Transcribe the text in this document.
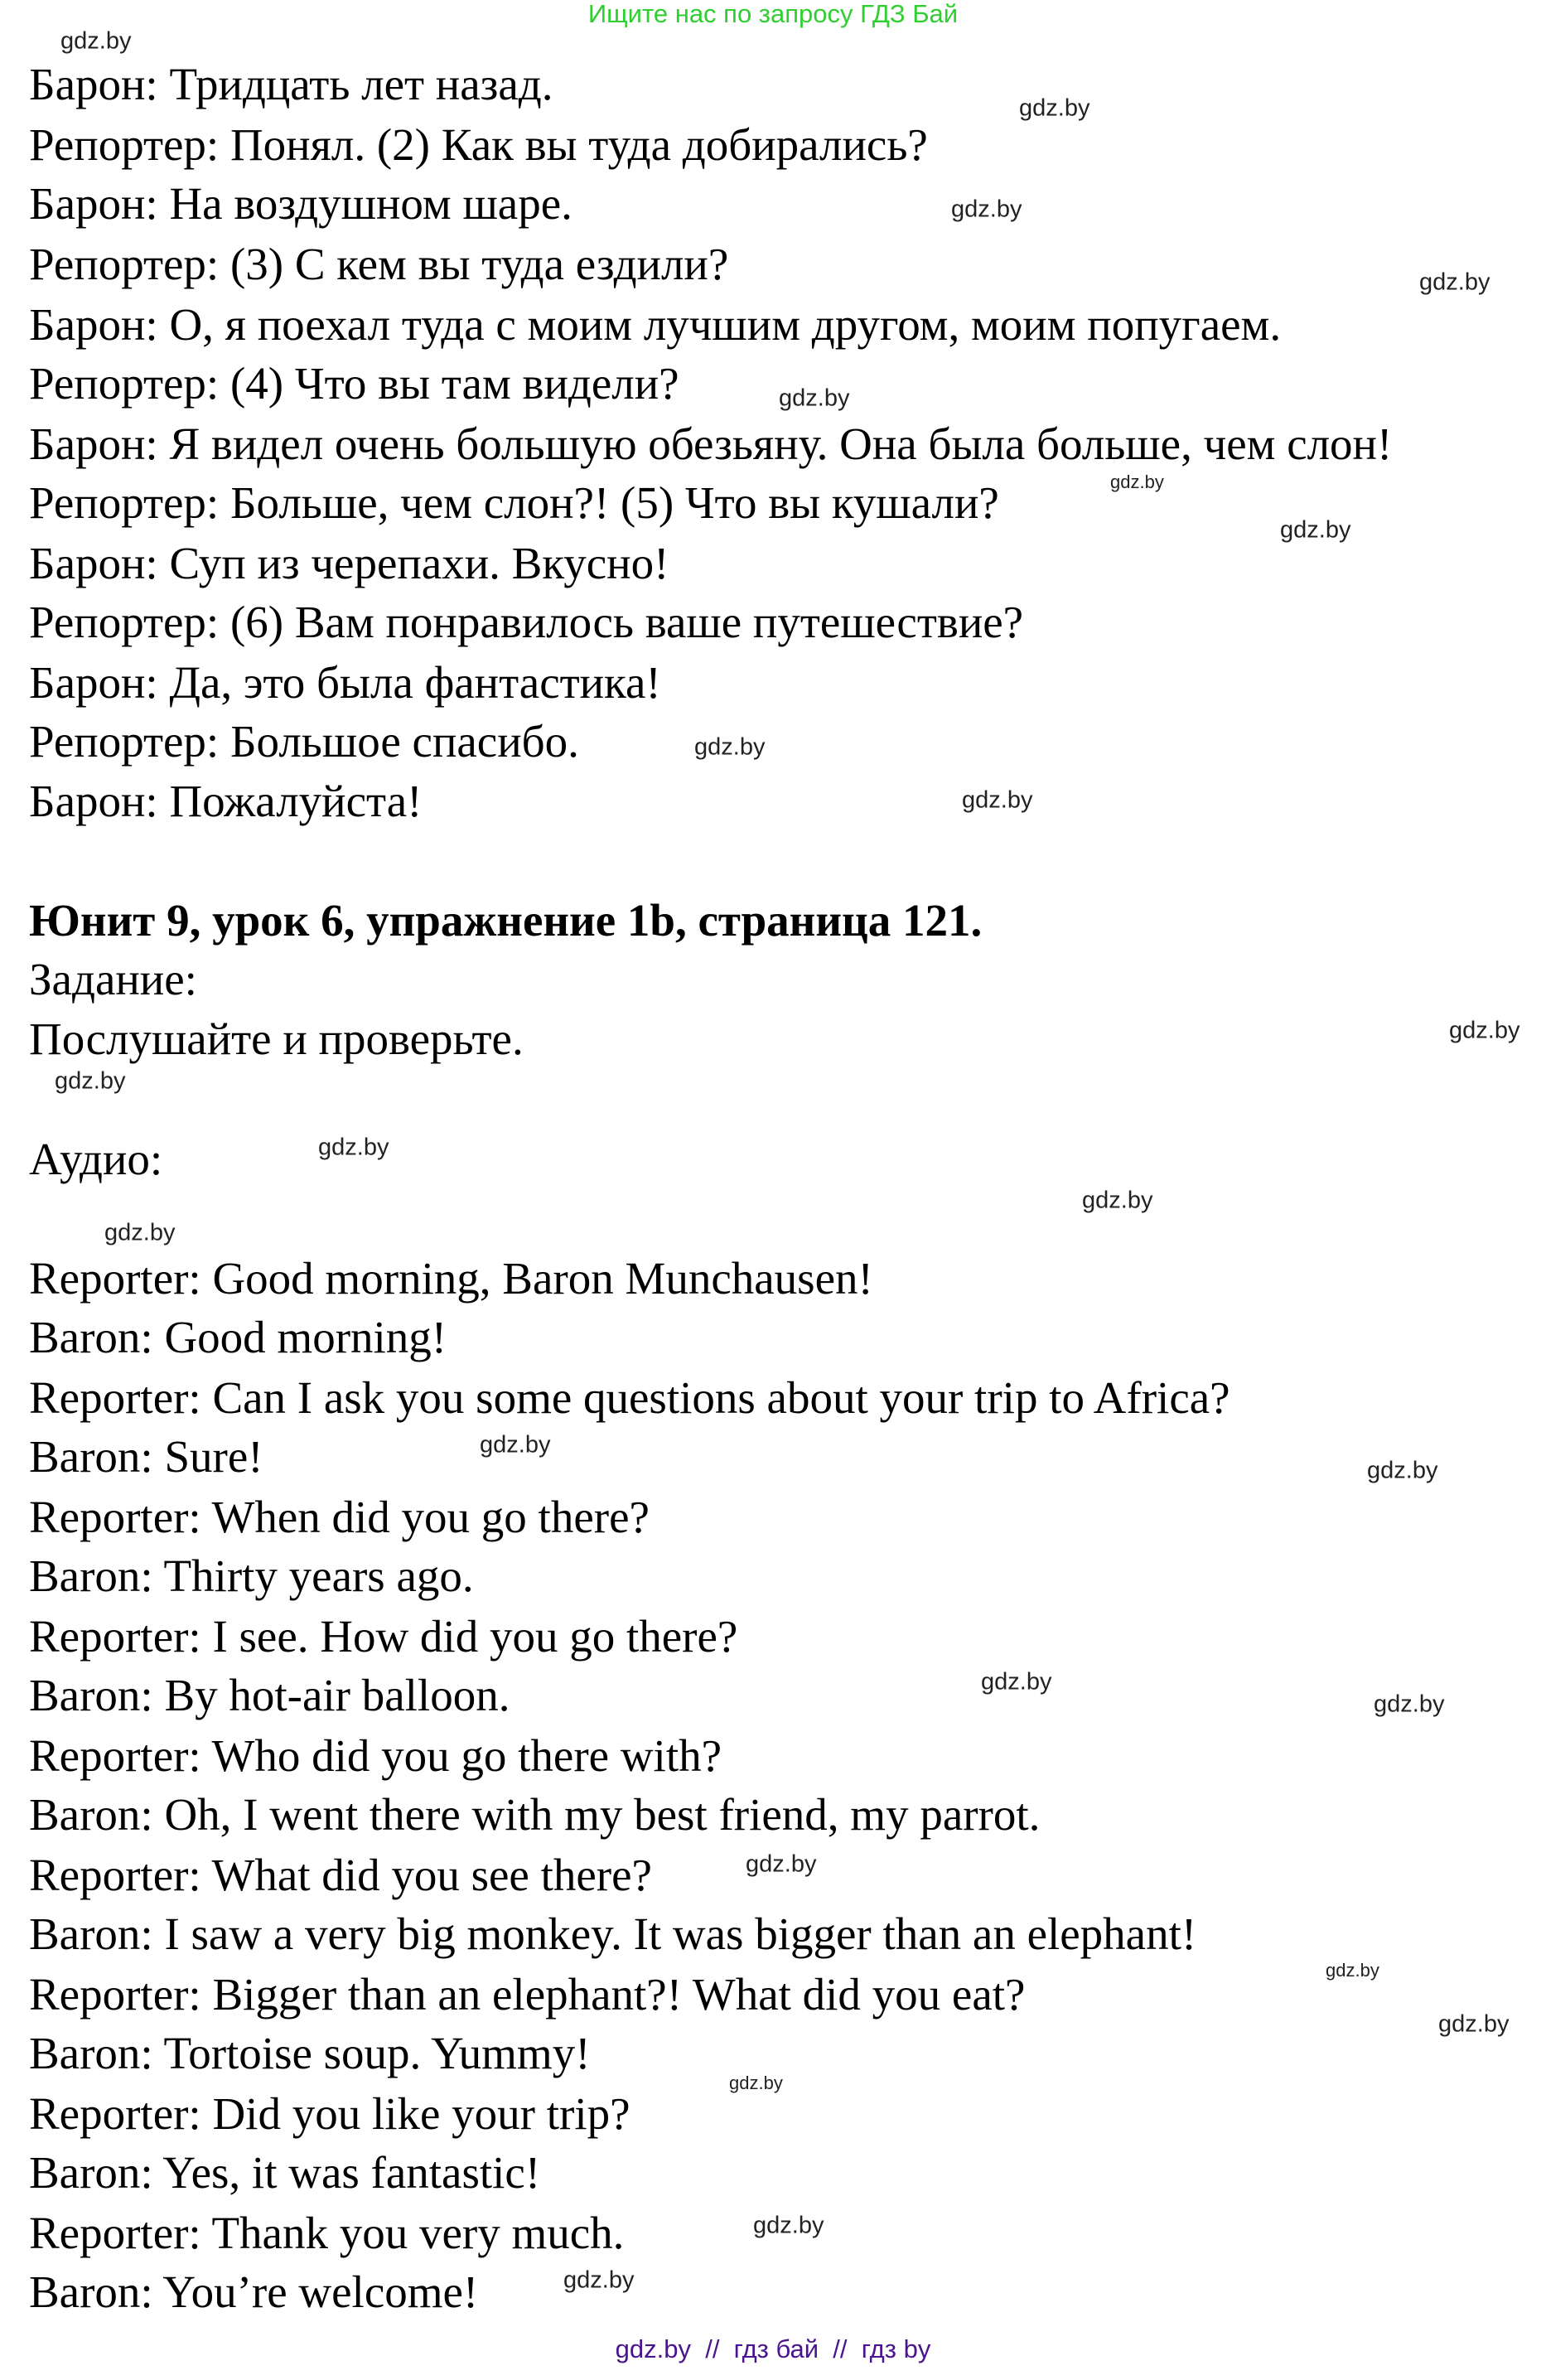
Ищите нас по запросу ГДЗ Бай
Барон: Тридцать лет назад.
Репортер: Понял. (2) Как вы туда добирались?
Барон: На воздушном шаре.
Репортер: (3) С кем вы туда ездили?
Барон: О, я поехал туда с моим лучшим другом, моим попугаем.
Репортер: (4) Что вы там видели?
Барон: Я видел очень большую обезьяну. Она была больше, чем слон!
Репортер: Больше, чем слон?! (5) Что вы кушали?
Барон: Суп из черепахи. Вкусно!
Репортер: (6) Вам понравилось ваше путешествие?
Барон: Да, это была фантастика!
Репортер: Большое спасибо.
Барон: Пожалуйста!
Юнит 9, урок 6, упражнение 1b, страница 121.
Задание:
Послушайте и проверьте.
Аудио:
Reporter: Good morning, Baron Munchausen!
Baron: Good morning!
Reporter: Can I ask you some questions about your trip to Africa?
Baron: Sure!
Reporter: When did you go there?
Baron: Thirty years ago.
Reporter: I see. How did you go there?
Baron: By hot-air balloon.
Reporter: Who did you go there with?
Baron: Oh, I went there with my best friend, my parrot.
Reporter: What did you see there?
Baron: I saw a very big monkey. It was bigger than an elephant!
Reporter: Bigger than an elephant?! What did you eat?
Baron: Tortoise soup. Yummy!
Reporter: Did you like your trip?
Baron: Yes, it was fantastic!
Reporter: Thank you very much.
Baron: You’re welcome!
gdz.by
gdz.by
gdz.by
gdz.by
gdz.by
gdz.by
gdz.by
gdz.by
gdz.by
gdz.by
gdz.by
gdz.by
gdz.by
gdz.by
gdz.by
gdz.by
gdz.by
gdz.by
gdz.by
gdz.by
gdz.by
gdz.by
gdz.by
gdz.by
gdz.by  //  гдз бай  //  гдз by
